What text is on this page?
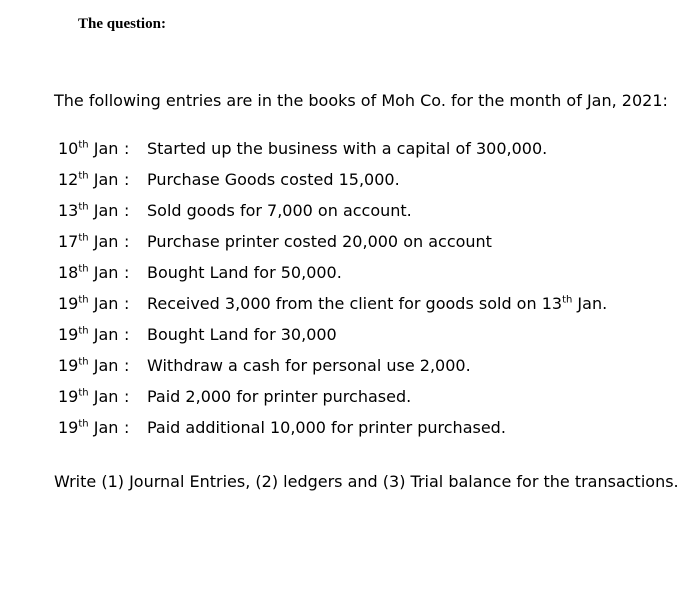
The question:
The following entries are in the books of Moh Co. for the month of Jan, 2021:
10th Jan :	Started up the business with a capital of 300,000.
12th Jan :	Purchase Goods costed 15,000.
13th Jan :	Sold goods for 7,000 on account.
17th Jan :	Purchase printer costed 20,000 on account
18th Jan :	Bought Land for 50,000.
19th Jan :	Received 3,000 from the client for goods sold on 13th Jan.
19th Jan :	Bought Land for 30,000
19th Jan :	Withdraw a cash for personal use 2,000.
19th Jan :	Paid 2,000 for printer purchased.
19th Jan :	Paid additional 10,000 for printer purchased.
Write (1) Journal Entries, (2) ledgers and (3) Trial balance for the transactions.
